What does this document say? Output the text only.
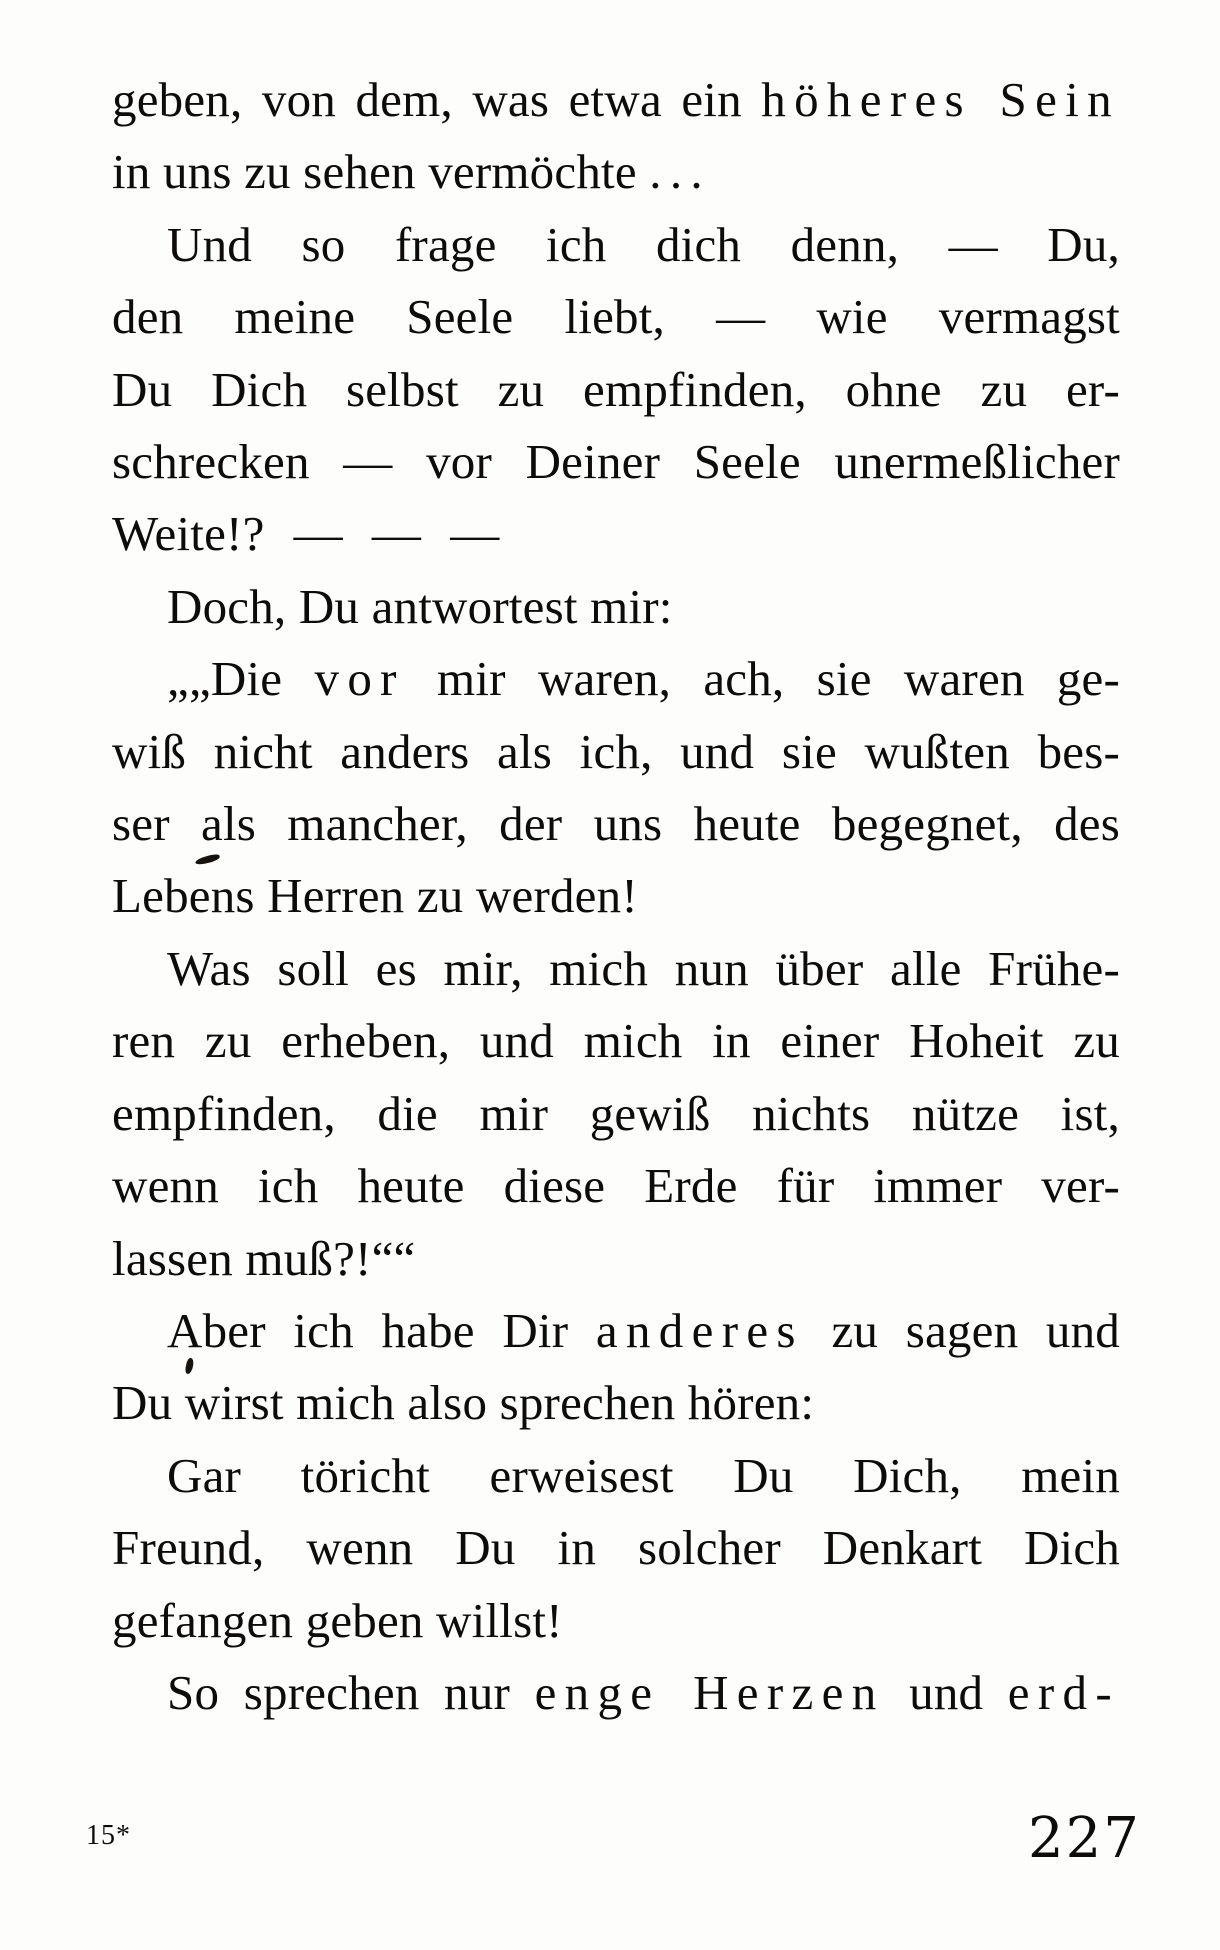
geben, von dem, was etwa ein höheres Sein
in uns zu sehen vermöchte ...
Und so frage ich dich denn, — Du,
den meine Seele liebt, — wie vermagst
Du Dich selbst zu empfinden, ohne zu er-
schrecken — vor Deiner Seele unermeßlicher
Weite!? — — —
Doch, Du antwortest mir:
„„Die vor mir waren, ach, sie waren ge-
wiß nicht anders als ich, und sie wußten bes-
ser als mancher, der uns heute begegnet, des
Lebens Herren zu werden!
Was soll es mir, mich nun über alle Frühe-
ren zu erheben, und mich in einer Hoheit zu
empfinden, die mir gewiß nichts nütze ist,
wenn ich heute diese Erde für immer ver-
lassen muß?!““
Aber ich habe Dir anderes zu sagen und
Du wirst mich also sprechen hören:
Gar töricht erweisest Du Dich, mein
Freund, wenn Du in solcher Denkart Dich
gefangen geben willst!
So sprechen nur enge Herzen und erd-
15*	227
